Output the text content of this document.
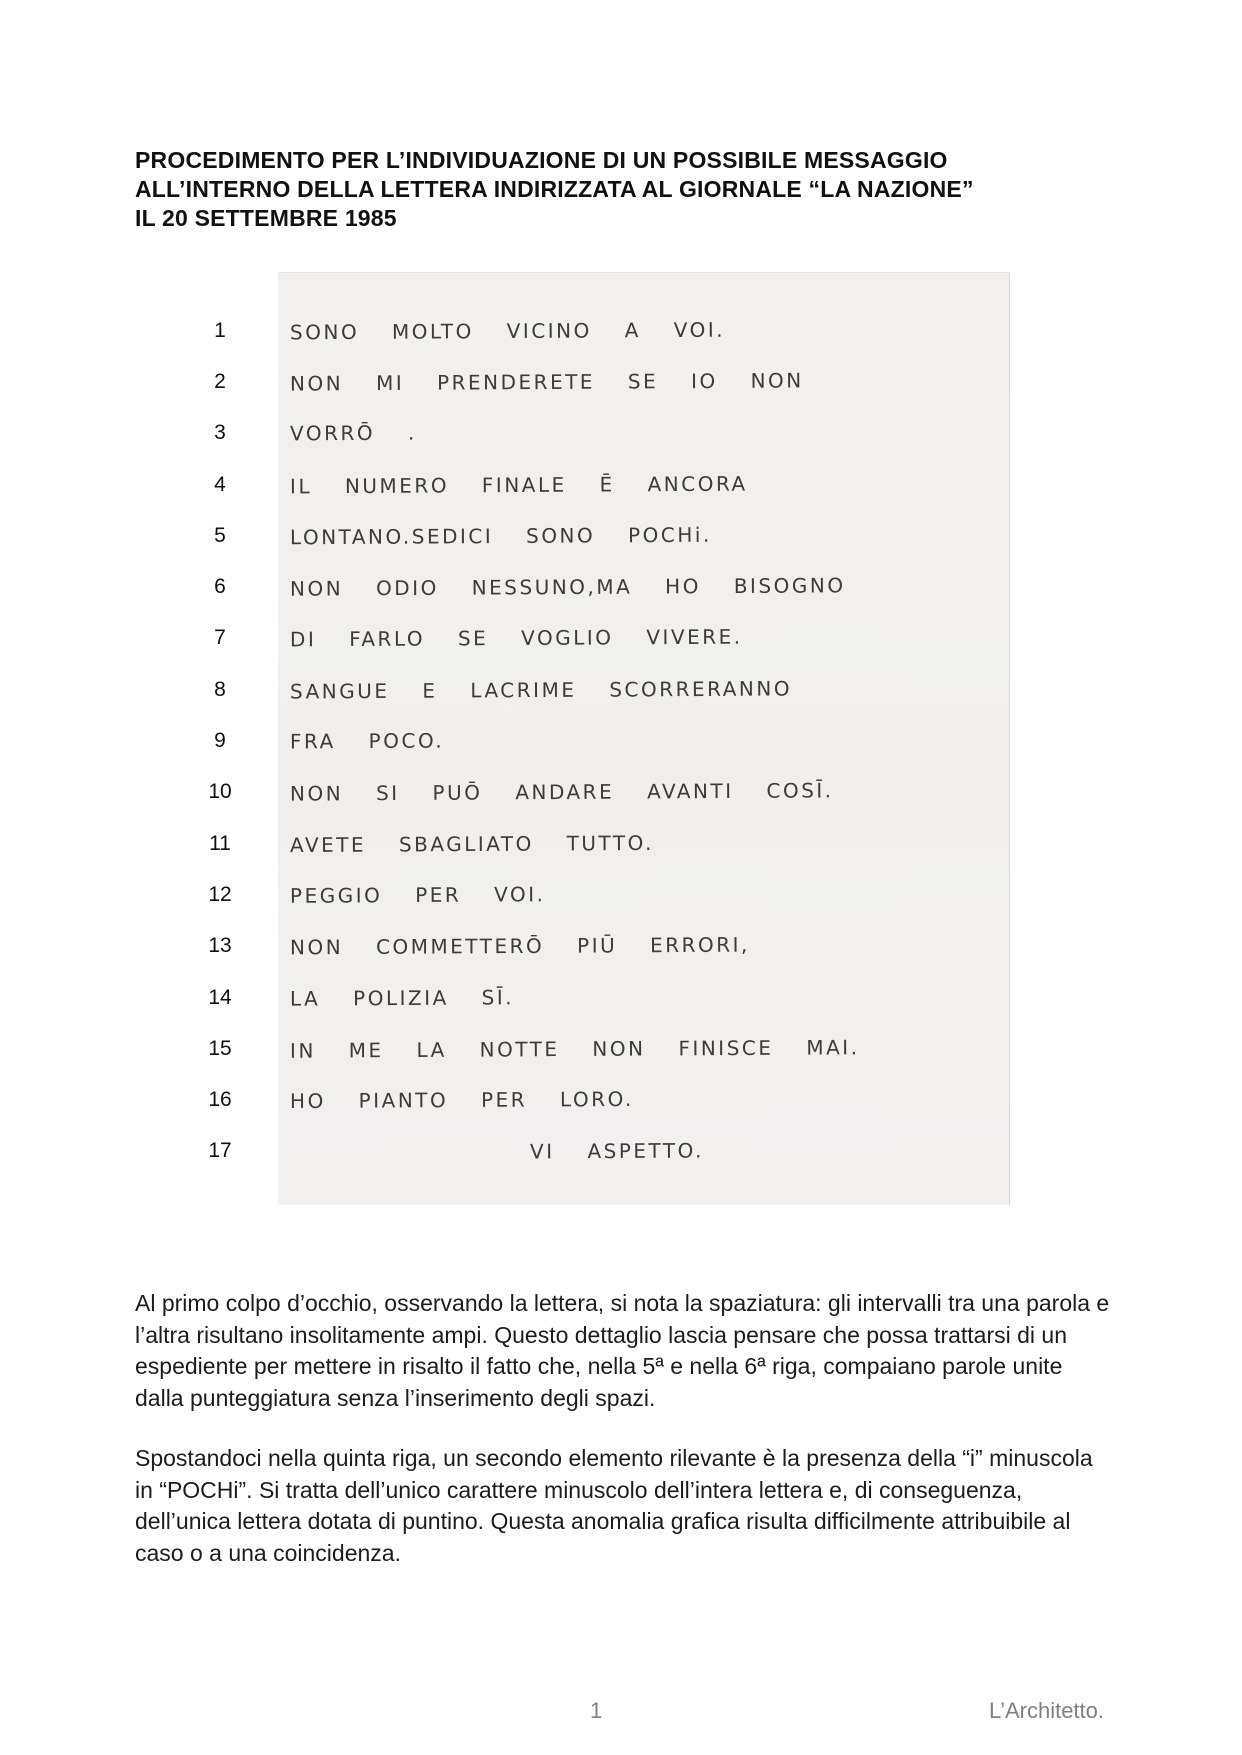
PROCEDIMENTO PER L’INDIVIDUAZIONE DI UN POSSIBILE MESSAGGIO
ALL’INTERNO DELLA LETTERA INDIRIZZATA AL GIORNALE “LA NAZIONE”
IL 20 SETTEMBRE 1985
1	SONO MOLTO VICINO A VOI.
2	NON MI PRENDERETE SE IO NON
3	VORRŌ .
4	IL NUMERO FINALE Ē ANCORA
5	LONTANO.SEDICI SONO POCHi.
6	NON ODIO NESSUNO,MA HO BISOGNO
7	DI FARLO SE VOGLIO VIVERE.
8	SANGUE E LACRIME SCORRERANNO
9	FRA POCO.
10	NON SI PUŌ ANDARE AVANTI COSĪ.
11	AVETE SBAGLIATO TUTTO.
12	PEGGIO PER VOI.
13	NON COMMETTERŌ PIŪ ERRORI,
14	LA POLIZIA SĪ.
15	IN ME LA NOTTE NON FINISCE MAI.
16	HO PIANTO PER LORO.
17	VI ASPETTO.

Al primo colpo d’occhio, osservando la lettera, si nota la spaziatura: gli intervalli tra una parola e l’altra risultano insolitamente ampi. Questo dettaglio lascia pensare che possa trattarsi di un espediente per mettere in risalto il fatto che, nella 5ª e nella 6ª riga, compaiano parole unite dalla punteggiatura senza l’inserimento degli spazi.

Spostandoci nella quinta riga, un secondo elemento rilevante è la presenza della “i” minuscola in “POCHi”. Si tratta dell’unico carattere minuscolo dell’intera lettera e, di conseguenza, dell’unica lettera dotata di puntino. Questa anomalia grafica risulta difficilmente attribuibile al caso o a una coincidenza.

1	L’Architetto.
